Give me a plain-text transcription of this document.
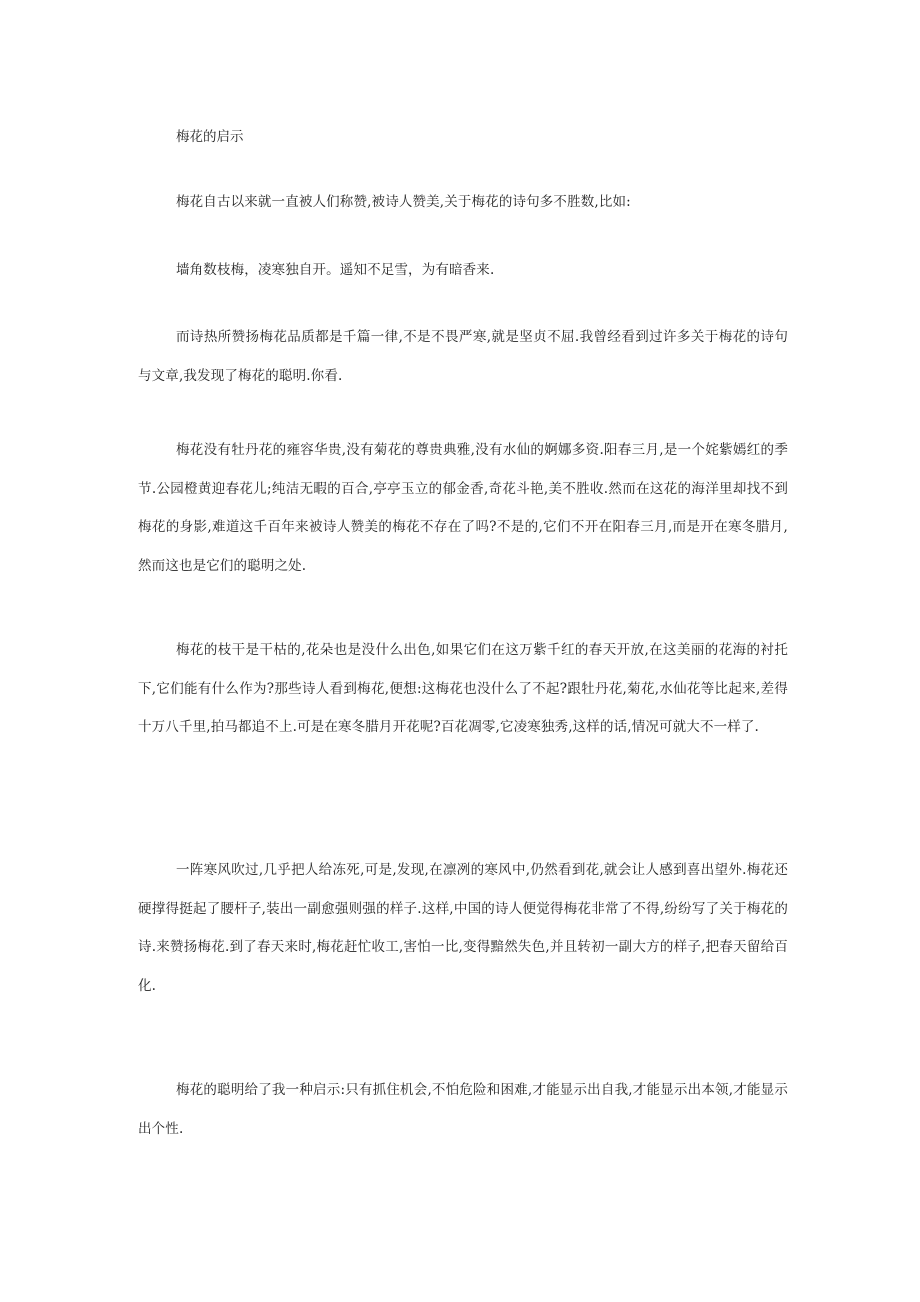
梅花的启示

梅花自古以来就一直被人们称赞,被诗人赞美,关于梅花的诗句多不胜数,比如:

墙角数枝梅，凌寒独自开。遥知不足雪，为有暗香来.

而诗热所赞扬梅花品质都是千篇一律,不是不畏严寒,就是坚贞不屈.我曾经看到过许多关于梅花的诗句与文章,我发现了梅花的聪明.你看.

梅花没有牡丹花的雍容华贵,没有菊花的尊贵典雅,没有水仙的婀娜多资.阳春三月,是一个姹紫嫣红的季节.公园橙黄迎春花儿;纯洁无暇的百合,亭亭玉立的郁金香,奇花斗艳,美不胜收.然而在这花的海洋里却找不到梅花的身影,难道这千百年来被诗人赞美的梅花不存在了吗?不是的,它们不开在阳春三月,而是开在寒冬腊月,然而这也是它们的聪明之处.

梅花的枝干是干枯的,花朵也是没什么出色,如果它们在这万紫千红的春天开放,在这美丽的花海的衬托下,它们能有什么作为?那些诗人看到梅花,便想:这梅花也没什么了不起?跟牡丹花,菊花,水仙花等比起来,差得十万八千里,拍马都追不上.可是在寒冬腊月开花呢?百花凋零,它凌寒独秀,这样的话,情况可就大不一样了.

一阵寒风吹过,几乎把人给冻死,可是,发现,在凛冽的寒风中,仍然看到花,就会让人感到喜出望外.梅花还硬撑得挺起了腰杆子,装出一副愈强则强的样子.这样,中国的诗人便觉得梅花非常了不得,纷纷写了关于梅花的诗.来赞扬梅花.到了春天来时,梅花赶忙收工,害怕一比,变得黯然失色,并且转初一副大方的样子,把春天留给百化.

梅花的聪明给了我一种启示:只有抓住机会,不怕危险和困难,才能显示出自我,才能显示出本领,才能显示出个性.
